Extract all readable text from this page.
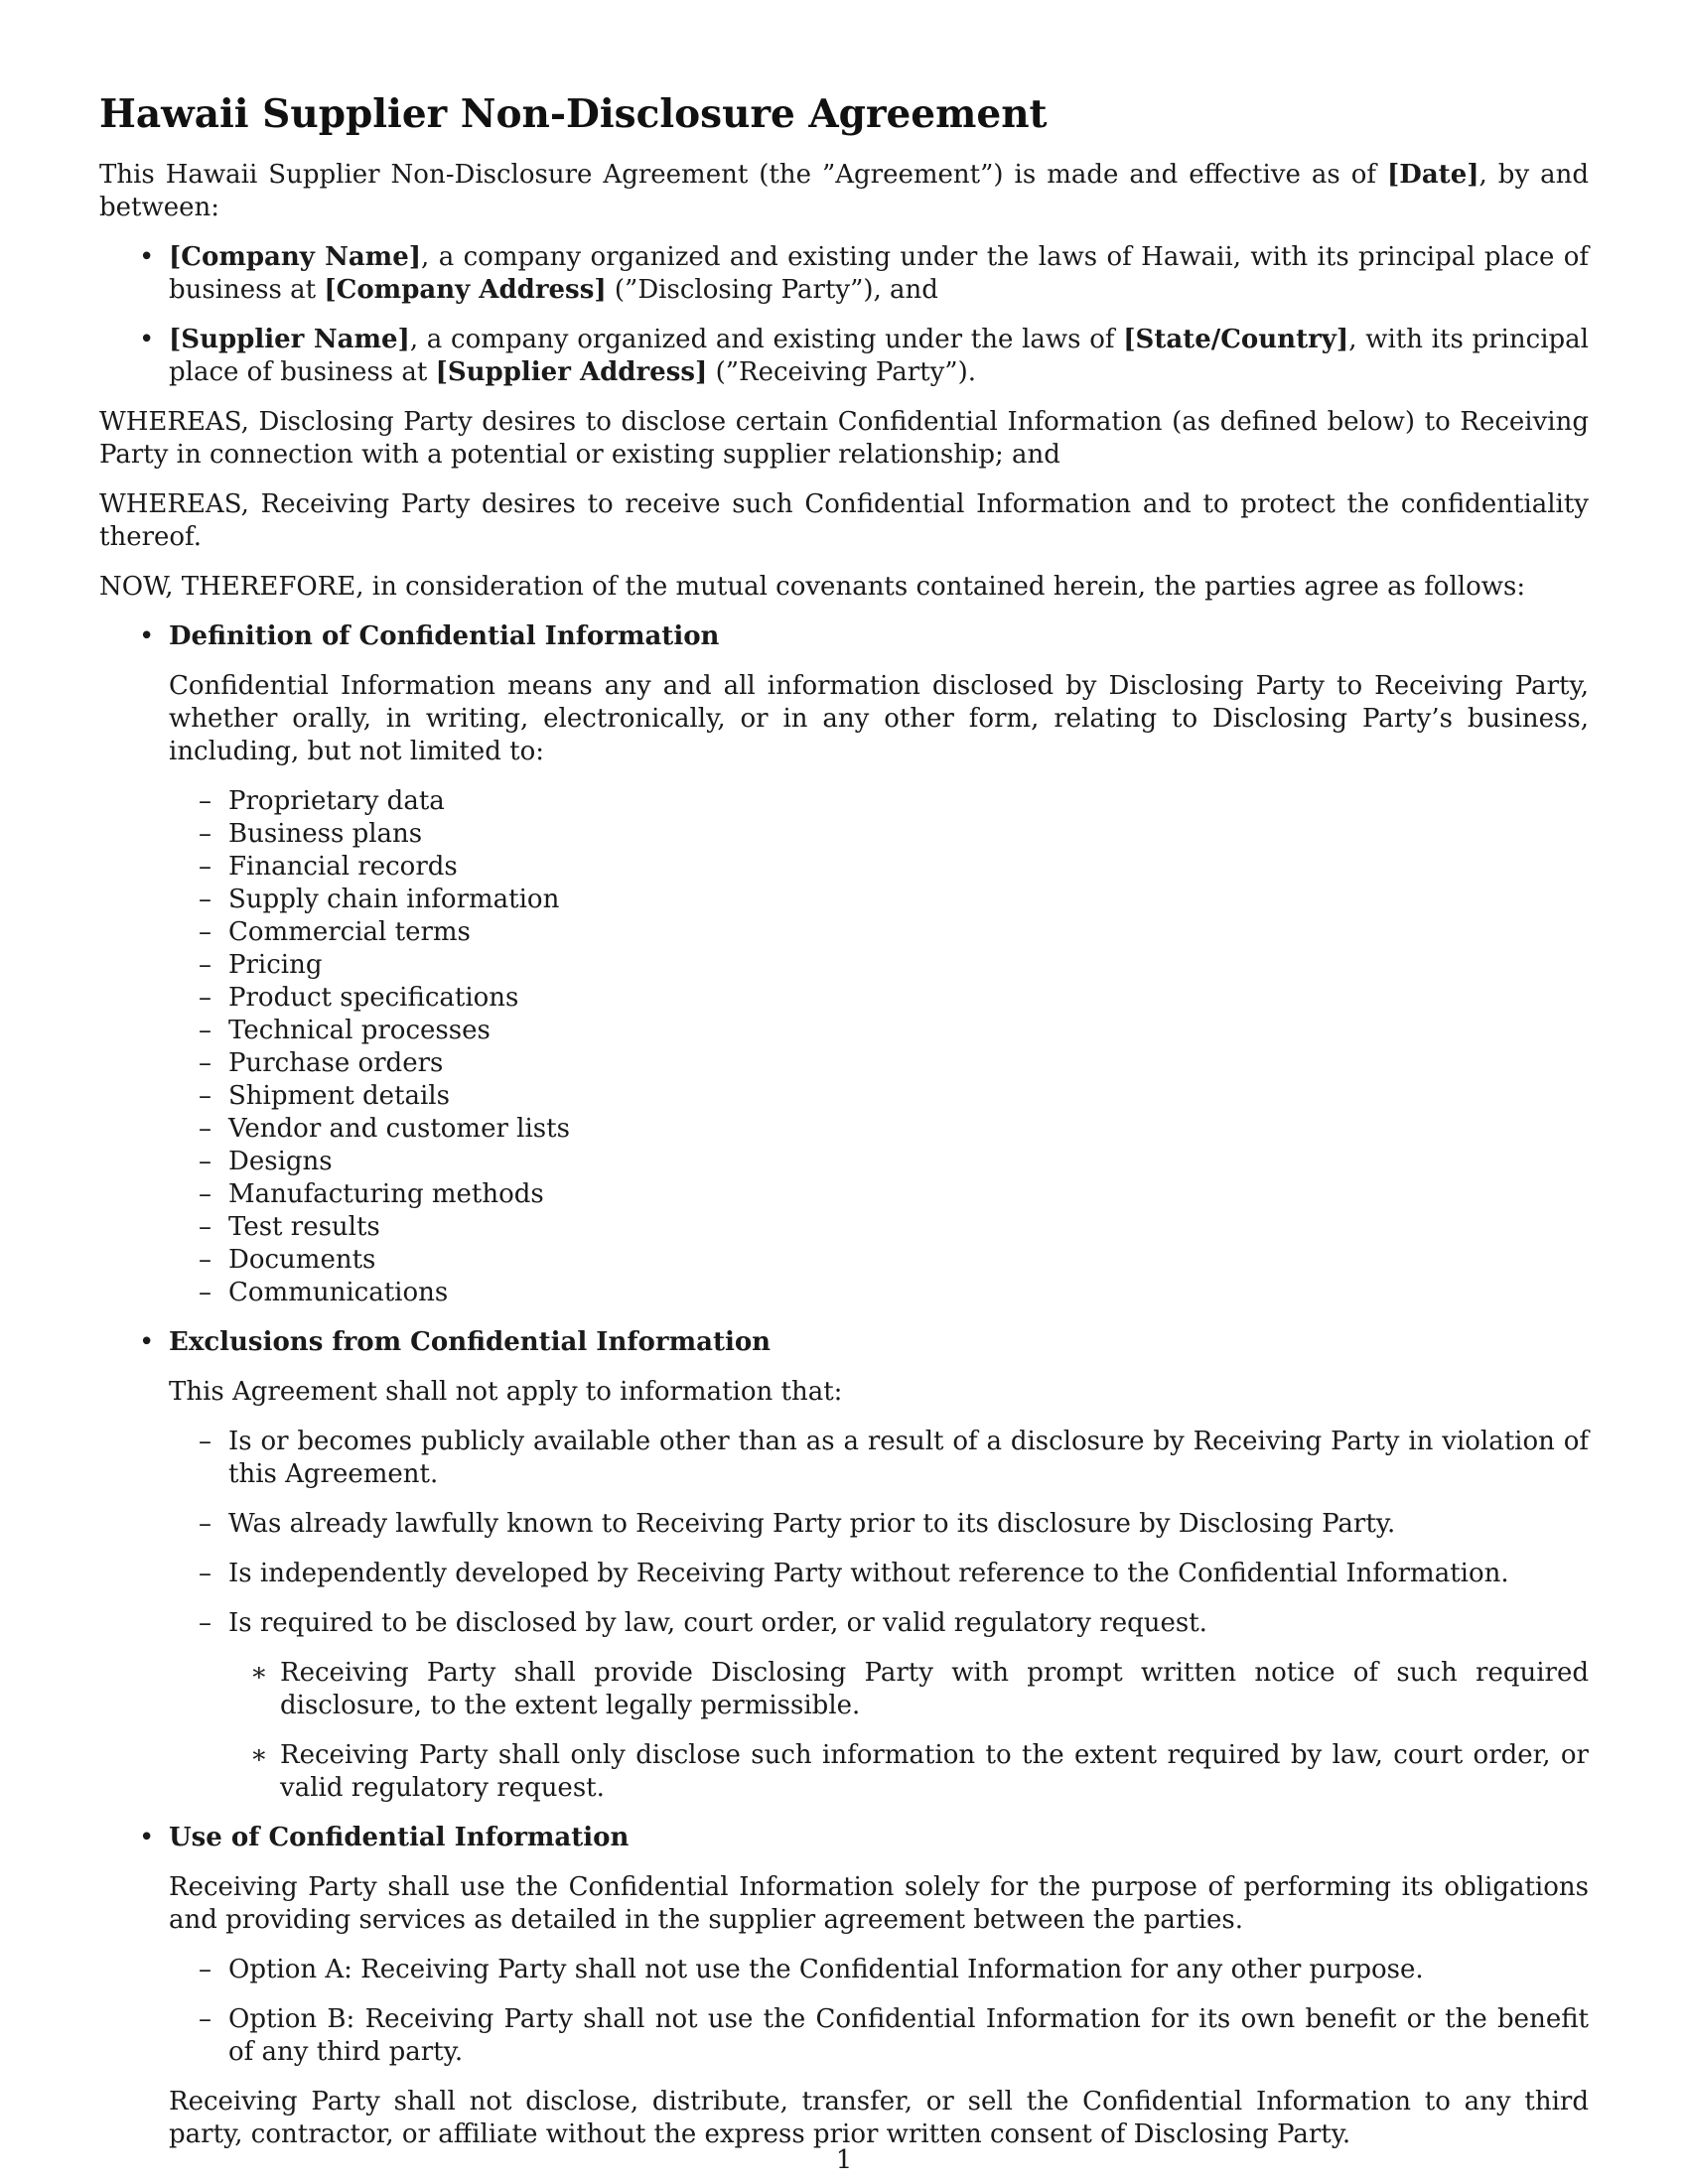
Hawaii Supplier Non-Disclosure Agreement

This Hawaii Supplier Non-Disclosure Agreement (the ”Agreement”) is made and effective as of [Date], by and between:

• [Company Name], a company organized and existing under the laws of Hawaii, with its principal place of business at [Company Address] (”Disclosing Party”), and
• [Supplier Name], a company organized and existing under the laws of [State/Country], with its principal place of business at [Supplier Address] (”Receiving Party”).

WHEREAS, Disclosing Party desires to disclose certain Confidential Information (as defined below) to Receiving Party in connection with a potential or existing supplier relationship; and

WHEREAS, Receiving Party desires to receive such Confidential Information and to protect the confidentiality thereof.

NOW, THEREFORE, in consideration of the mutual covenants contained herein, the parties agree as follows:

• Definition of Confidential Information

Confidential Information means any and all information disclosed by Disclosing Party to Receiving Party, whether orally, in writing, electronically, or in any other form, relating to Disclosing Party’s business, including, but not limited to:

– Proprietary data
– Business plans
– Financial records
– Supply chain information
– Commercial terms
– Pricing
– Product specifications
– Technical processes
– Purchase orders
– Shipment details
– Vendor and customer lists
– Designs
– Manufacturing methods
– Test results
– Documents
– Communications

• Exclusions from Confidential Information

This Agreement shall not apply to information that:

– Is or becomes publicly available other than as a result of a disclosure by Receiving Party in violation of this Agreement.
– Was already lawfully known to Receiving Party prior to its disclosure by Disclosing Party.
– Is independently developed by Receiving Party without reference to the Confidential Information.
– Is required to be disclosed by law, court order, or valid regulatory request.
∗ Receiving Party shall provide Disclosing Party with prompt written notice of such required disclosure, to the extent legally permissible.
∗ Receiving Party shall only disclose such information to the extent required by law, court order, or valid regulatory request.

• Use of Confidential Information

Receiving Party shall use the Confidential Information solely for the purpose of performing its obligations and providing services as detailed in the supplier agreement between the parties.

– Option A: Receiving Party shall not use the Confidential Information for any other purpose.
– Option B: Receiving Party shall not use the Confidential Information for its own benefit or the benefit of any third party.

Receiving Party shall not disclose, distribute, transfer, or sell the Confidential Information to any third party, contractor, or affiliate without the express prior written consent of Disclosing Party.

1
